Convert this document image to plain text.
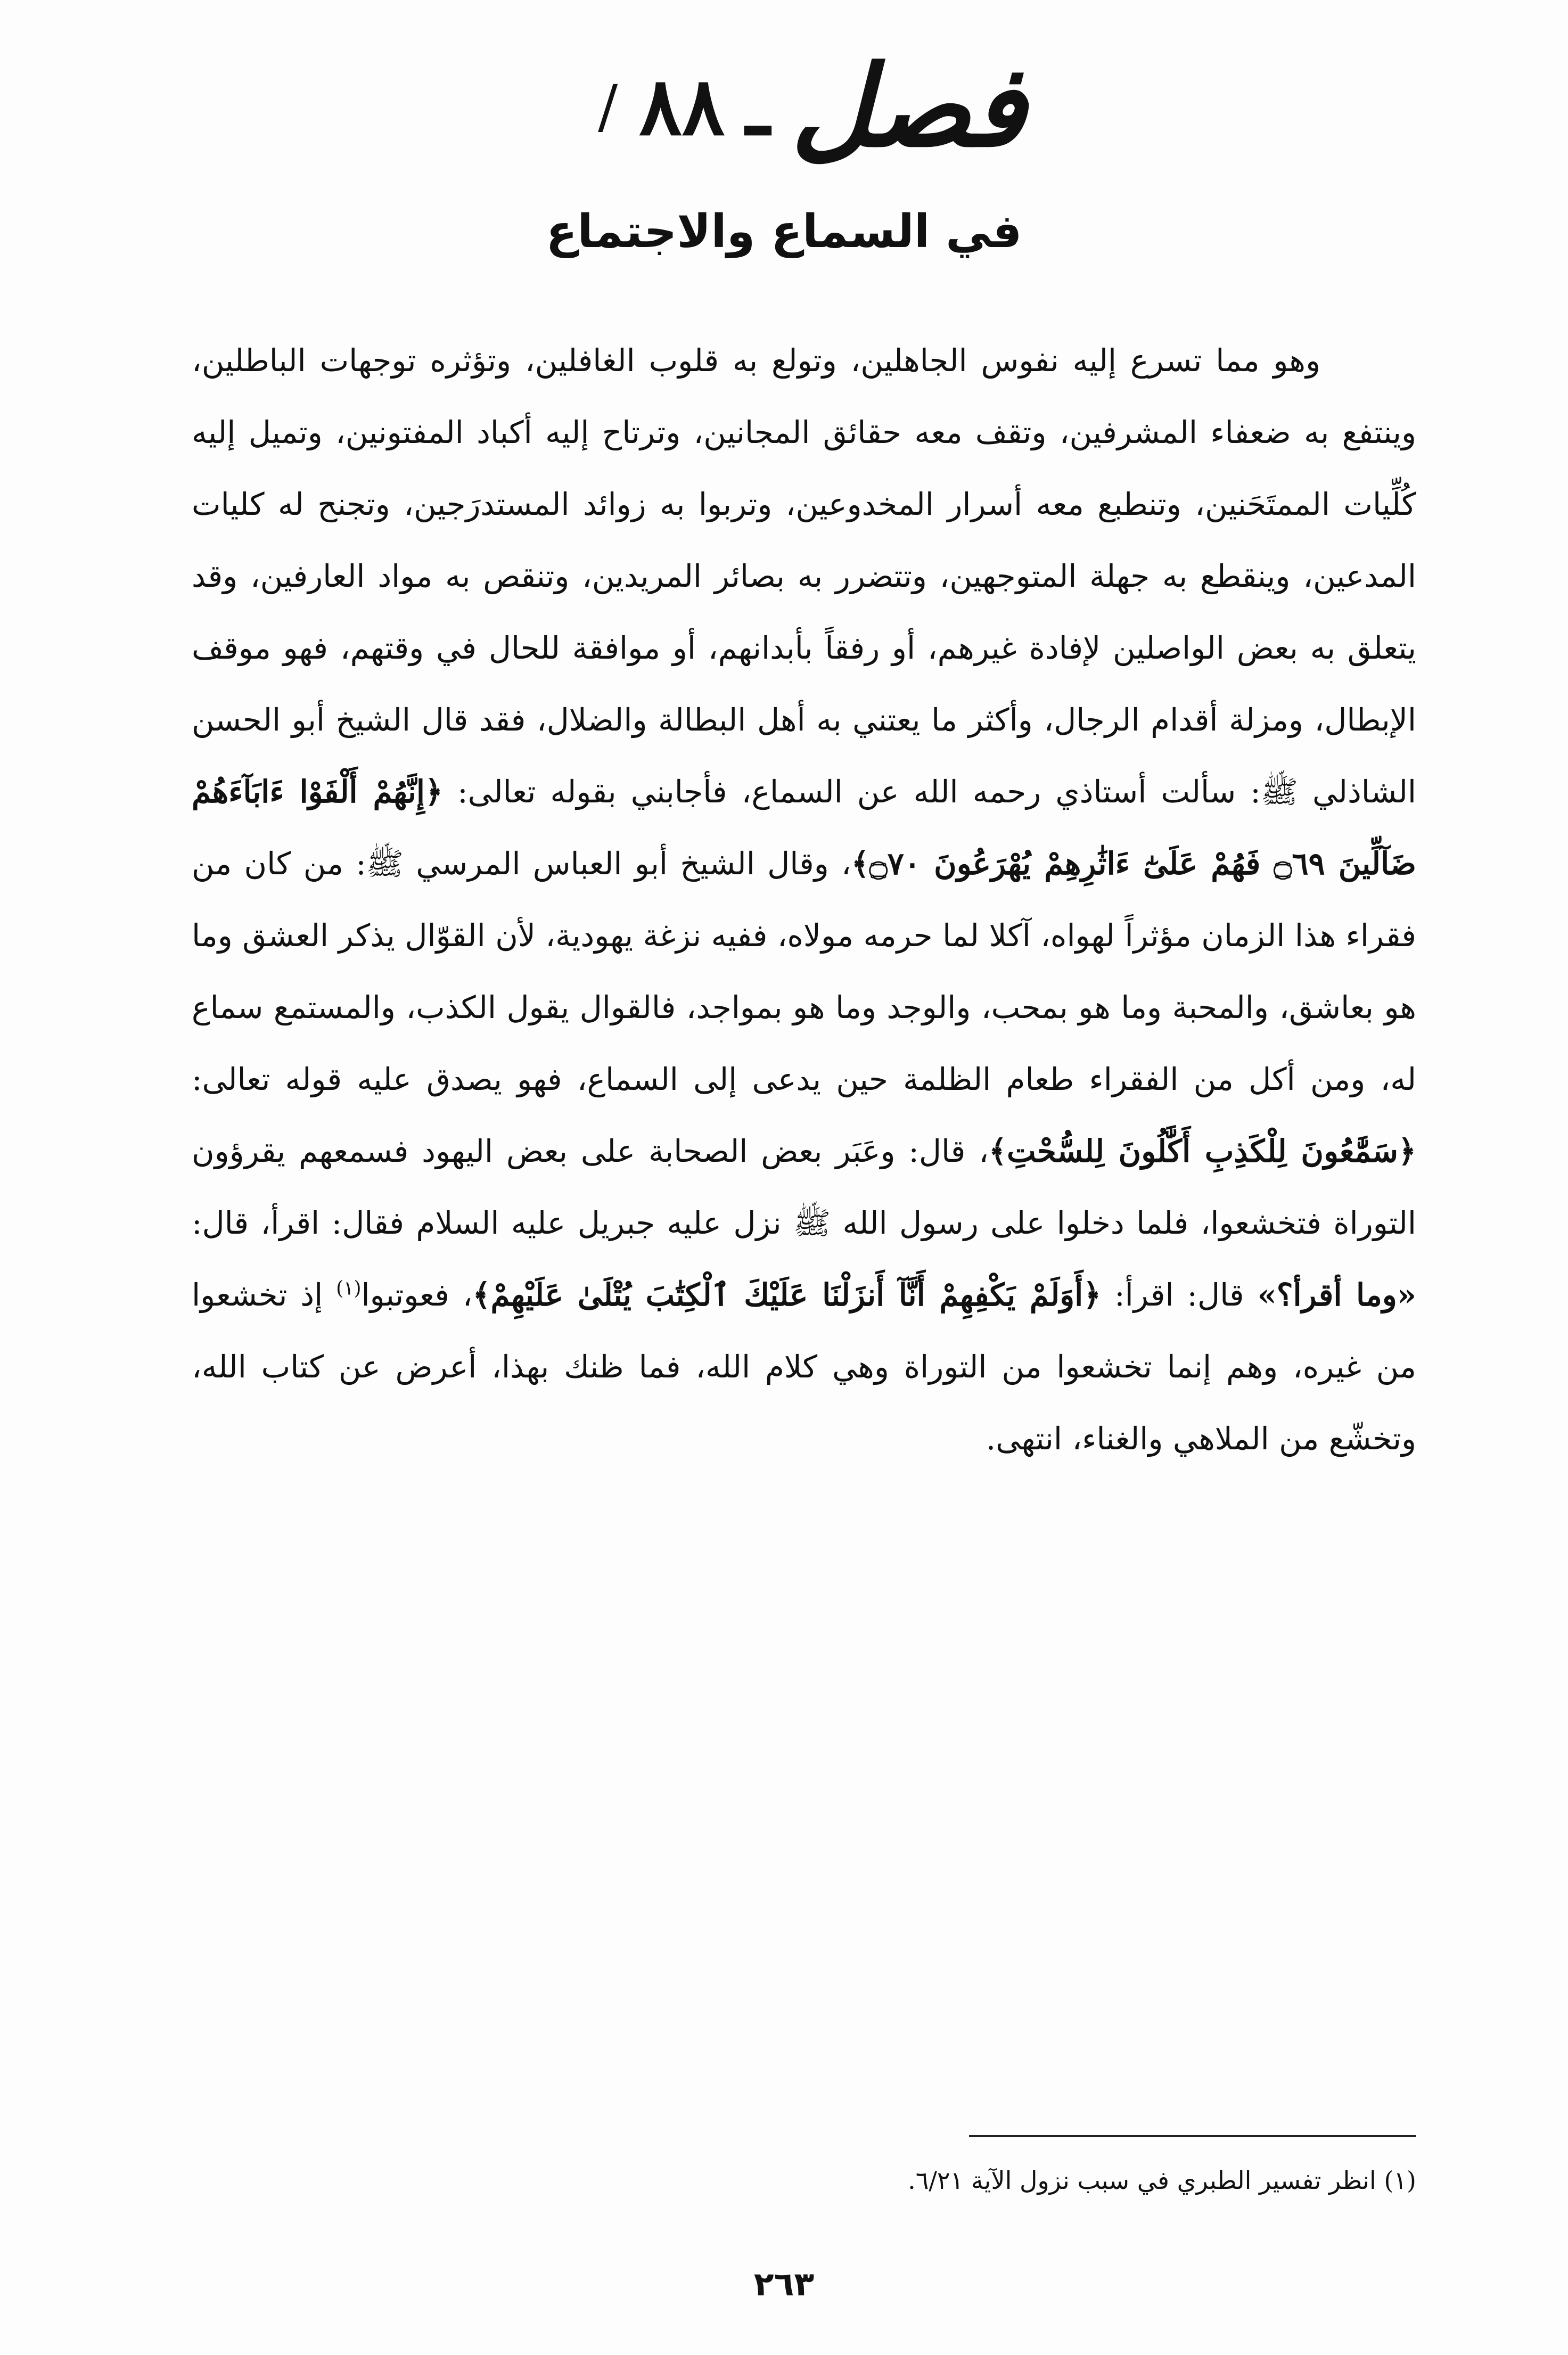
/ ٨٨ ـ فصل
في السماع والاجتماع

وهو مما تسرع إليه نفوس الجاهلين، وتولع به قلوب الغافلين، وتؤثره توجهات الباطلين، وينتفع به ضعفاء المشرفين، وتقف معه حقائق المجانين، وترتاح إليه أكباد المفتونين، وتميل إليه كُلِّيات الممتَحَنين، وتنطبع معه أسرار المخدوعين، وتربوا به زوائد المستدرَجين، وتجنح له كليات المدعين، وينقطع به جهلة المتوجهين، وتتضرر به بصائر المريدين، وتنقص به مواد العارفين، وقد يتعلق به بعض الواصلين لإفادة غيرهم، أو رفقاً بأبدانهم، أو موافقة للحال في وقتهم، فهو موقف الإبطال، ومزلة أقدام الرجال، وأكثر ما يعتني به أهل البطالة والضلال، فقد قال الشيخ أبو الحسن الشاذلي ﷺ: سألت أستاذي رحمه الله عن السماع، فأجابني بقوله تعالى: ﴿إِنَّهُمْ أَلْفَوْا ءَابَآءَهُمْ ضَآلِّينَ ۝٦٩ فَهُمْ عَلَىٰٓ ءَاثَٰرِهِمْ يُهْرَعُونَ ۝٧٠﴾، وقال الشيخ أبو العباس المرسي ﷺ: من كان من فقراء هذا الزمان مؤثراً لهواه، آكلا لما حرمه مولاه، ففيه نزغة يهودية، لأن القوّال يذكر العشق وما هو بعاشق، والمحبة وما هو بمحب، والوجد وما هو بمواجد، فالقوال يقول الكذب، والمستمع سماع له، ومن أكل من الفقراء طعام الظلمة حين يدعى إلى السماع، فهو يصدق عليه قوله تعالى: ﴿سَمَّٰعُونَ لِلْكَذِبِ أَكَّٰلُونَ لِلسُّحْتِ﴾، قال: وعَبَر بعض الصحابة على بعض اليهود فسمعهم يقرؤون التوراة فتخشعوا، فلما دخلوا على رسول الله ﷺ نزل عليه جبريل عليه السلام فقال: اقرأ، قال: «وما أقرأ؟» قال: اقرأ: ﴿أَوَلَمْ يَكْفِهِمْ أَنَّآ أَنزَلْنَا عَلَيْكَ ٱلْكِتَٰبَ يُتْلَىٰ عَلَيْهِمْ﴾، فعوتبوا$^{(١)}$ إذ تخشعوا من غيره، وهم إنما تخشعوا من التوراة وهي كلام الله، فما ظنك بهذا، أعرض عن كتاب الله، وتخشّع من الملاهي والغناء، انتهى.

(١) انظر تفسير الطبري في سبب نزول الآية ٦/٢١.
٢٦٣
